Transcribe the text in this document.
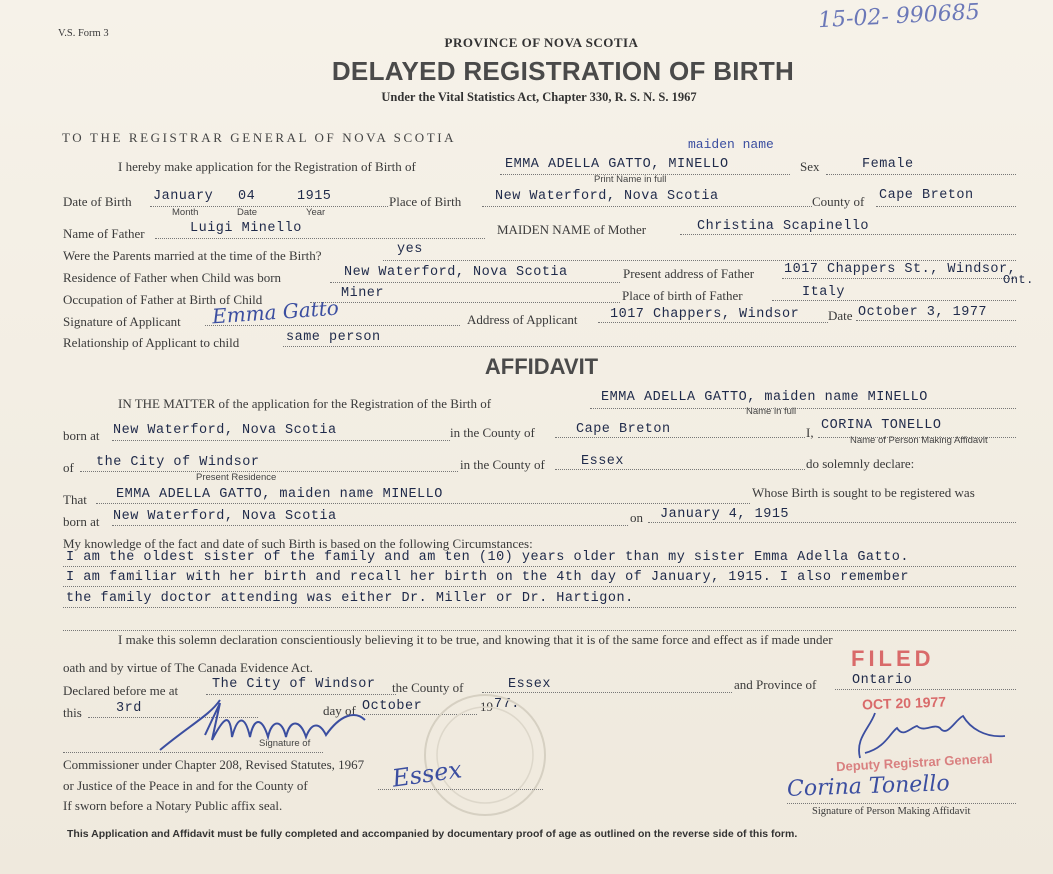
V.S. Form 3
15-02- 990685
PROVINCE OF NOVA SCOTIA
DELAYED REGISTRATION OF BIRTH
Under the Vital Statistics Act, Chapter 330, R. S. N. S. 1967
TO THE REGISTRAR GENERAL OF NOVA SCOTIA
I hereby make application for the Registration of Birth of
maiden name
EMMA ADELLA GATTO, MINELLO
Print Name in full
Sex	Female
Date of Birth January 04	1915
Month	Date	Year
Place of Birth	New Waterford, Nova Scotia	County of Cape Breton
Name of Father	Luigi Minello	MAIDEN NAME of Mother	Christina Scapinello
Were the Parents married at the time of the Birth?	yes
Residence of Father when Child was born	New Waterford, Nova Scotia	Present address of Father 1017 Chappers St., Windsor,
Ont.
Occupation of Father at Birth of Child	Miner	Place of birth of Father	Italy
Signature of Applicant Emma Gatto	Address of Applicant 1017 Chappers, Windsor Date October 3, 1977
Relationship of Applicant to child	same person
AFFIDAVIT
IN THE MATTER of the application for the Registration of the Birth of	EMMA ADELLA GATTO, maiden name MINELLO
Name in full
born at New Waterford, Nova Scotia	in the County of	Cape Breton	I, CORINA TONELLO
Name of Person Making Affidavit
of the City of Windsor
Present Residence
in the County of	Essex	do solemnly declare:
That EMMA ADELLA GATTO, maiden name MINELLO	Whose Birth is sought to be registered was
born at New Waterford, Nova Scotia	on January 4, 1915
My knowledge of the fact and date of such Birth is based on the following Circumstances:
I am the oldest sister of the family and am ten (10) years older than my sister Emma Adella Gatto.
I am familiar with her birth and recall her birth on the 4th day of January, 1915. I also remember
the family doctor attending was either Dr. Miller or Dr. Hartigon.
I make this solemn declaration conscientiously believing it to be true, and knowing that it is of the same force and effect as if made under
oath and by virtue of The Canada Evidence Act.
Declared before me at	The City of Windsor the County of	Essex	and Province of	Ontario
this	3rd	day of October	19 77.
Signature of
Commissioner under Chapter 208, Revised Statutes, 1967
or Justice of the Peace in and for the County of	Essex
If sworn before a Notary Public affix seal.
FILED
OCT 20 1977
Deputy Registrar General
Corina Tonello
Signature of Person Making Affidavit
This Application and Affidavit must be fully completed and accompanied by documentary proof of age as outlined on the reverse side of this form.
